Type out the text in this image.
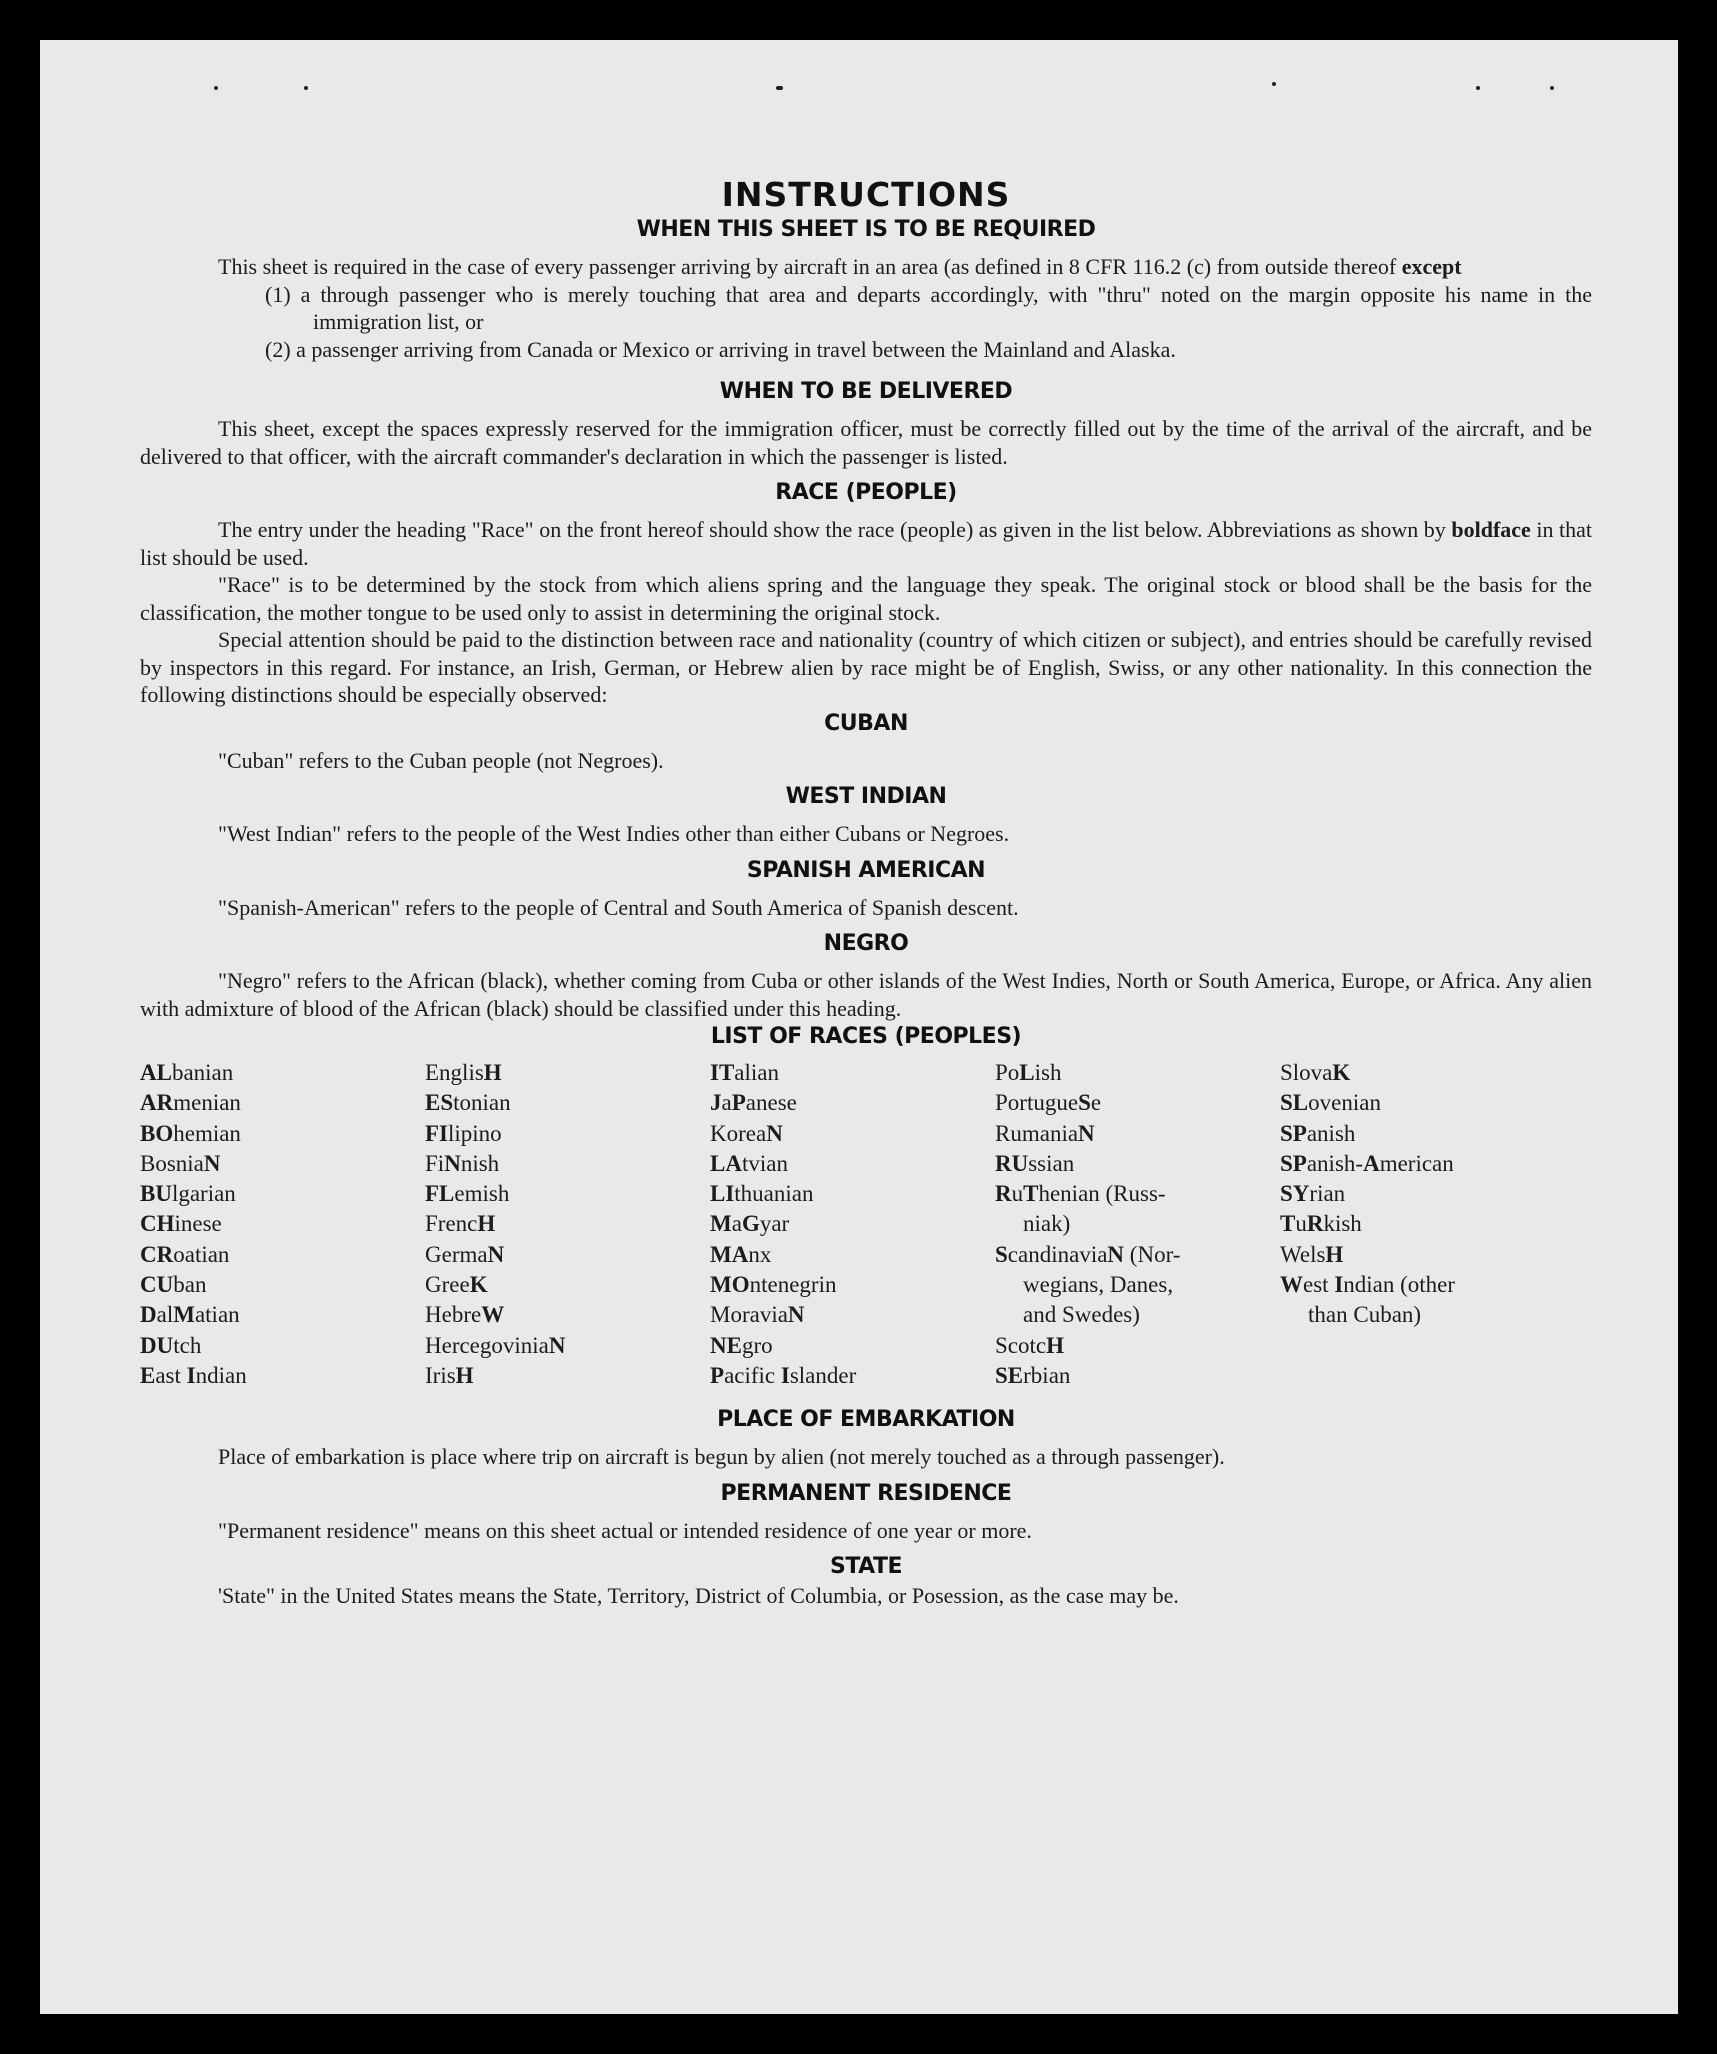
INSTRUCTIONS
WHEN THIS SHEET IS TO BE REQUIRED

This sheet is required in the case of every passenger arriving by aircraft in an area (as defined in 8 CFR 116.2 (c) from outside thereof except

(1) a through passenger who is merely touching that area and departs accordingly, with "thru" noted on the margin opposite his name in the immigration list, or
(2) a passenger arriving from Canada or Mexico or arriving in travel between the Mainland and Alaska.
WHEN TO BE DELIVERED

This sheet, except the spaces expressly reserved for the immigration officer, must be correctly filled out by the time of the arrival of the aircraft, and be delivered to that officer, with the aircraft commander's declaration in which the passenger is listed.

RACE (PEOPLE)

The entry under the heading "Race" on the front hereof should show the race (people) as given in the list below. Abbreviations as shown by boldface in that list should be used.

"Race" is to be determined by the stock from which aliens spring and the language they speak. The original stock or blood shall be the basis for the classification, the mother tongue to be used only to assist in determining the original stock.

Special attention should be paid to the distinction between race and nationality (country of which citizen or subject), and entries should be carefully revised by inspectors in this regard. For instance, an Irish, German, or Hebrew alien by race might be of English, Swiss, or any other nationality. In this connection the following distinctions should be especially observed:

CUBAN

"Cuban" refers to the Cuban people (not Negroes).

WEST INDIAN

"West Indian" refers to the people of the West Indies other than either Cubans or Negroes.

SPANISH AMERICAN

"Spanish-American" refers to the people of Central and South America of Spanish descent.

NEGRO

"Negro" refers to the African (black), whether coming from Cuba or other islands of the West Indies, North or South America, Europe, or Africa. Any alien with admixture of blood of the African (black) should be classified under this heading.

LIST OF RACES (PEOPLES)
ALbanian
ARmenian
BOhemian
BosniaN
BUlgarian
CHinese
CRoatian
CUban
DalMatian
DUtch
East Indian
EnglisH
EStonian
FIlipino
FiNnish
FLemish
FrencH
GermaN
GreeK
HebreW
HercegoviniaN
IrisH
ITalian
JaPanese
KoreaN
LAtvian
LIthuanian
MaGyar
MAnx
MOntenegrin
MoraviaN
NEgro
Pacific Islander
PoLish
PortugueSe
RumaniaN
RUssian
RuThenian (Russ-
niak)
ScandinaviaN (Nor-
wegians, Danes,
and Swedes)
ScotcH
SErbian
SlovaK
SLovenian
SPanish
SPanish-American
SYrian
TuRkish
WelsH
West Indian (other
than Cuban)
PLACE OF EMBARKATION

Place of embarkation is place where trip on aircraft is begun by alien (not merely touched as a through passenger).

PERMANENT RESIDENCE

"Permanent residence" means on this sheet actual or intended residence of one year or more.

STATE

'State" in the United States means the State, Territory, District of Columbia, or Posession, as the case may be.
